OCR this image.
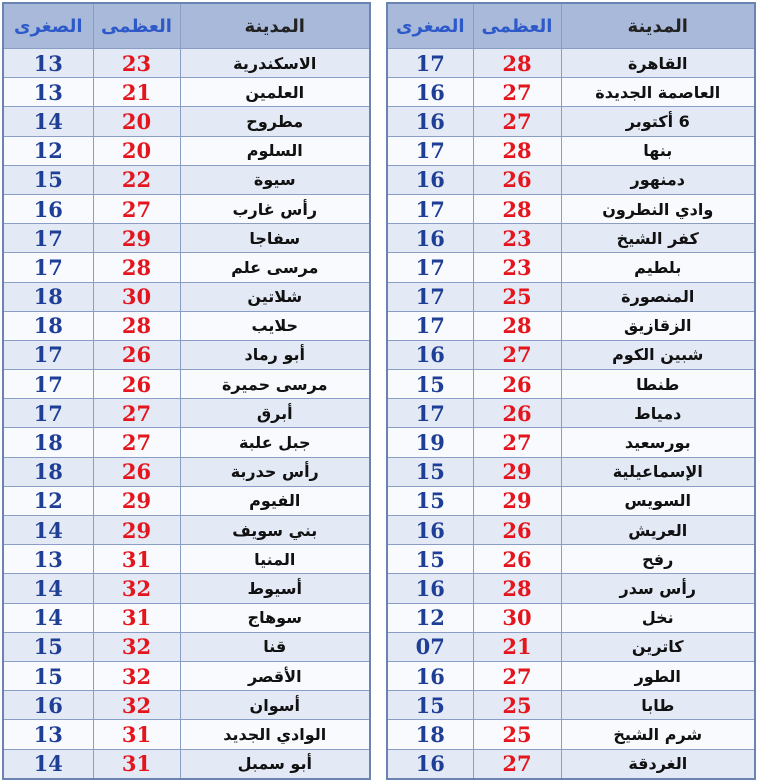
الصغرى	العظمى	المدينة
13	23	الاسكندرية
13	21	العلمين
14	20	مطروح
12	20	السلوم
15	22	سيوة
16	27	رأس غارب
17	29	سفاجا
17	28	مرسى علم
18	30	شلاتين
18	28	حلايب
17	26	أبو رماد
17	26	مرسى حميرة
17	27	أبرق
18	27	جبل علبة
18	26	رأس حدربة
12	29	الفيوم
14	29	بني سويف
13	31	المنيا
14	32	أسيوط
14	31	سوهاج
15	32	قنا
15	32	الأقصر
16	32	أسوان
13	31	الوادي الجديد
14	31	أبو سمبل
الصغرى	العظمى	المدينة
17	28	القاهرة
16	27	العاصمة الجديدة
16	27	6 أكتوبر
17	28	بنها
16	26	دمنهور
17	28	وادي النطرون
16	23	كفر الشيخ
17	23	بلطيم
17	25	المنصورة
17	28	الزقازيق
16	27	شبين الكوم
15	26	طنطا
17	26	دمياط
19	27	بورسعيد
15	29	الإسماعيلية
15	29	السويس
16	26	العريش
15	26	رفح
16	28	رأس سدر
12	30	نخل
07	21	كاترين
16	27	الطور
15	25	طابا
18	25	شرم الشيخ
16	27	الغردقة
